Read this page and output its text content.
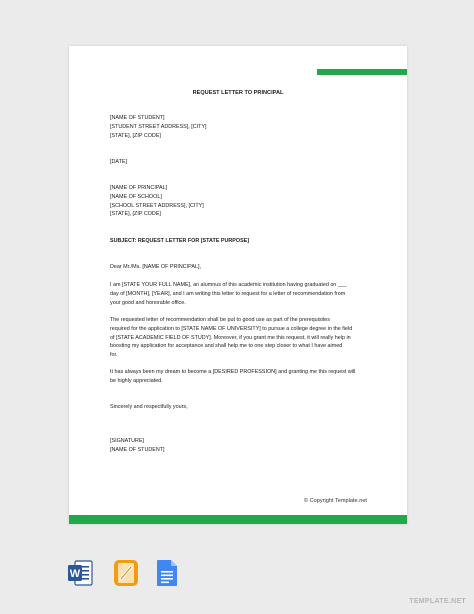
REQUEST LETTER TO PRINCIPAL
[NAME OF STUDENT]
[STUDENT STREET ADDRESS], [CITY]
[STATE], [ZIP CODE]
[DATE]
[NAME OF PRINCIPAL]
[NAME OF SCHOOL]
[SCHOOL STREET ADDRESS], [CITY]
[STATE], [ZIP CODE]
SUBJECT: REQUEST LETTER FOR [STATE PURPOSE]
Dear Mr./Ms. [NAME OF PRINCIPAL],
I am [STATE YOUR FULL NAME], an alumnus of this academic institution having graduated on ___
day of [MONTH], [YEAR], and I am writing this letter to request for a letter of recommendation from
your good and honorable office.
The requested letter of recommendation shall be put to good use as part of the prerequisites
required for the application to [STATE NAME OF UNIVERSITY] to pursue a college degree in the field
of [STATE ACADEMIC FIELD OF STUDY]. Moreover, if you grant me this request, it will really help in
boosting my application for acceptance and shall help me to one step closer to what I have aimed
for.
It has always been my dream to become a [DESIRED PROFESSION] and granting me this request will
be highly appreciated.
Sincerely and respectfully yours,
[SIGNATURE]
[NAME OF STUDENT]
© Copyright Template.net
W
TEMPLATE.NET
